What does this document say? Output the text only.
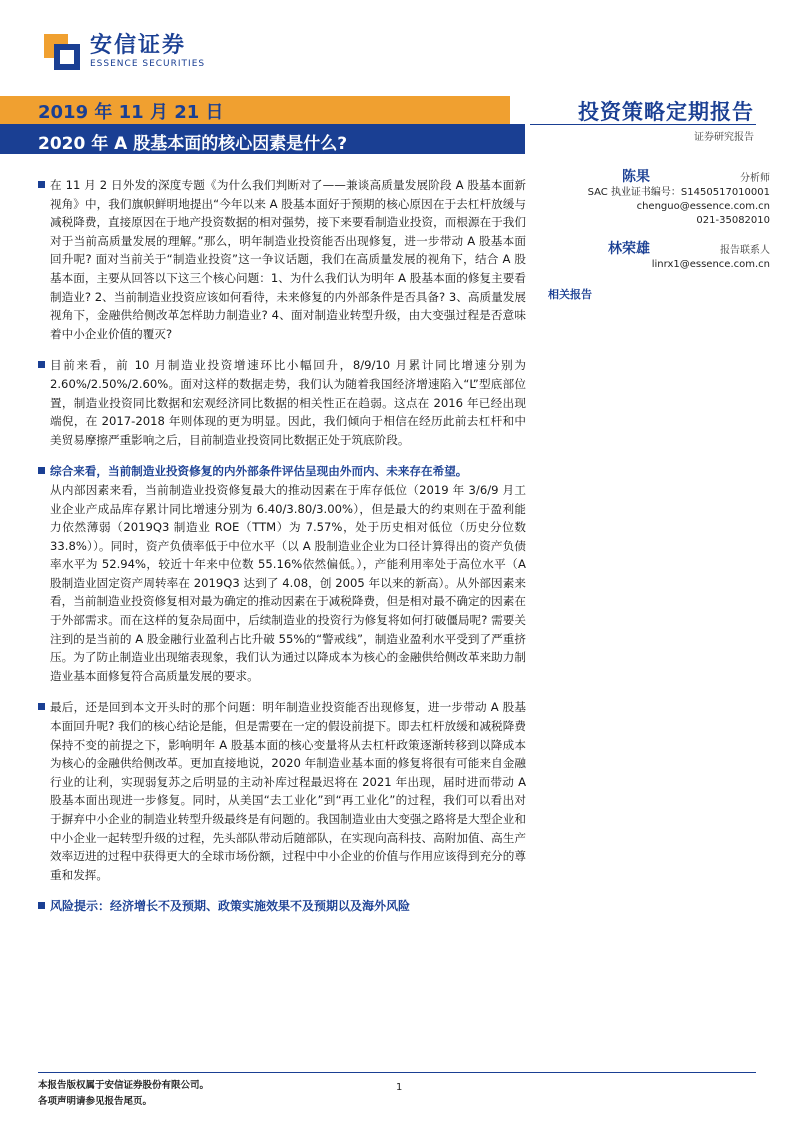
安信证券
ESSENCE SECURITIES
2019 年 11 月 21 日
2020 年 A 股基本面的核心因素是什么?
投资策略定期报告
证券研究报告
在 11 月 2 日外发的深度专题《为什么我们判断对了——兼谈高质量发展阶段 A 股基本面新视角》中，我们旗帜鲜明地提出“今年以来 A 股基本面好于预期的核心原因在于去杠杆放缓与减税降费，直接原因在于地产投资数据的相对强势，接下来要看制造业投资，而根源在于我们对于当前高质量发展的理解。”那么，明年制造业投资能否出现修复，进一步带动 A 股基本面回升呢? 面对当前关于“制造业投资”这一争议话题，我们在高质量发展的视角下，结合 A 股基本面，主要从回答以下这三个核心问题：1、为什么我们认为明年 A 股基本面的修复主要看制造业? 2、当前制造业投资应该如何看待，未来修复的内外部条件是否具备? 3、高质量发展视角下，金融供给侧改革怎样助力制造业? 4、面对制造业转型升级，由大变强过程是否意味着中小企业价值的覆灭?
目前来看，前 10 月制造业投资增速环比小幅回升，8/9/10 月累计同比增速分别为 2.60%/2.50%/2.60%。面对这样的数据走势，我们认为随着我国经济增速陷入“L”型底部位置，制造业投资同比数据和宏观经济同比数据的相关性正在趋弱。这点在 2016 年已经出现端倪，在 2017-2018 年则体现的更为明显。因此，我们倾向于相信在经历此前去杠杆和中美贸易摩擦严重影响之后，目前制造业投资同比数据正处于筑底阶段。
综合来看，当前制造业投资修复的内外部条件评估呈现由外而内、未来存在希望。
从内部因素来看，当前制造业投资修复最大的推动因素在于库存低位（2019 年 3/6/9 月工业企业产成品库存累计同比增速分别为 6.40/3.80/3.00%），但是最大的约束则在于盈利能力依然薄弱（2019Q3 制造业 ROE（TTM）为 7.57%，处于历史相对低位（历史分位数 33.8%））。同时，资产负债率低于中位水平（以 A 股制造业企业为口径计算得出的资产负债率水平为 52.94%，较近十年来中位数 55.16%依然偏低。），产能利用率处于高位水平（A 股制造业固定资产周转率在 2019Q3 达到了 4.08，创 2005 年以来的新高）。从外部因素来看，当前制造业投资修复相对最为确定的推动因素在于减税降费，但是相对最不确定的因素在于外部需求。而在这样的复杂局面中，后续制造业的投资行为修复将如何打破僵局呢? 需要关注到的是当前的 A 股金融行业盈利占比升破 55%的“警戒线”，制造业盈利水平受到了严重挤压。为了防止制造业出现缩表现象，我们认为通过以降成本为核心的金融供给侧改革来助力制造业基本面修复符合高质量发展的要求。
最后，还是回到本文开头时的那个问题：明年制造业投资能否出现修复，进一步带动 A 股基本面回升呢? 我们的核心结论是能，但是需要在一定的假设前提下。即去杠杆放缓和减税降费保持不变的前提之下，影响明年 A 股基本面的核心变量将从去杠杆政策逐渐转移到以降成本为核心的金融供给侧改革。更加直接地说，2020 年制造业基本面的修复将很有可能来自金融行业的让利，实现弱复苏之后明显的主动补库过程最迟将在 2021 年出现，届时进而带动 A 股基本面出现进一步修复。同时，从美国“去工业化”到“再工业化”的过程，我们可以看出对于摒弃中小企业的制造业转型升级最终是有问题的。我国制造业由大变强之路将是大型企业和中小企业一起转型升级的过程，先头部队带动后随部队，在实现向高科技、高附加值、高生产效率迈进的过程中获得更大的全球市场份额，过程中中小企业的价值与作用应该得到充分的尊重和发挥。
风险提示：经济增长不及预期、政策实施效果不及预期以及海外风险
陈果	分析师
SAC 执业证书编号：S1450517010001
chenguo@essence.com.cn
021-35082010
林荣雄	报告联系人
linrx1@essence.com.cn
相关报告
本报告版权属于安信证券股份有限公司。
各项声明请参见报告尾页。
1
